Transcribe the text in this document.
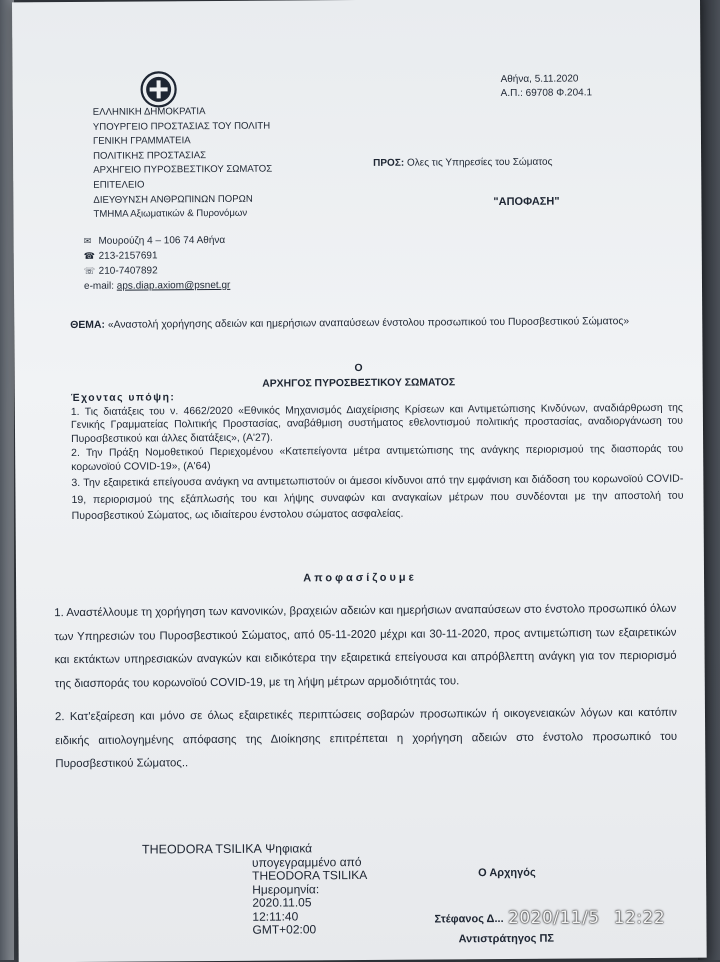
ΕΛΛΗΝΙΚΗ ΔΗΜΟΚΡΑΤΙΑ
ΥΠΟΥΡΓΕΙΟ ΠΡΟΣΤΑΣΙΑΣ ΤΟΥ ΠΟΛΙΤΗ
ΓΕΝΙΚΗ ΓΡΑΜΜΑΤΕΙΑ
ΠΟΛΙΤΙΚΗΣ ΠΡΟΣΤΑΣΙΑΣ
ΑΡΧΗΓΕΙΟ ΠΥΡΟΣΒΕΣΤΙΚΟΥ ΣΩΜΑΤΟΣ
ΕΠΙΤΕΛΕΙΟ
ΔΙΕΥΘΥΝΣΗ ΑΝΘΡΩΠΙΝΩΝ ΠΟΡΩΝ
ΤΜΗΜΑ Αξιωματικών & Πυρονόμων
✉ Μουρούζη 4 – 106 74 Αθήνα
☎ 213-2157691
☏ 210-7407892
e-mail: aps.diap.axiom@psnet.gr
Αθήνα, 5.11.2020
Α.Π.: 69708 Φ.204.1
ΠΡΟΣ: Ολες τις Υπηρεσίες του Σώματος
"ΑΠΟΦΑΣΗ"
ΘΕΜΑ: «Αναστολή χορήγησης αδειών και ημερήσιων αναπαύσεων ένστολου προσωπικού του Πυροσβεστικού Σώματος»
Ο
ΑΡΧΗΓΟΣ ΠΥΡΟΣΒΕΣΤΙΚΟΥ ΣΩΜΑΤΟΣ
Έχοντας υπόψη:

1. Τις διατάξεις του ν. 4662/2020 «Εθνικός Μηχανισμός Διαχείρισης Κρίσεων και Αντιμετώπισης Κινδύνων, αναδιάρθρωση της Γενικής Γραμματείας Πολιτικής Προστασίας, αναβάθμιση συστήματος εθελοντισμού πολιτικής προστασίας, αναδιοργάνωση του Πυροσβεστικού και άλλες διατάξεις», (Α'27).

2. Την Πράξη Νομοθετικού Περιεχομένου «Κατεπείγοντα μέτρα αντιμετώπισης της ανάγκης περιορισμού της διασποράς του κορωνοϊού COVID-19», (Α'64)

3. Την εξαιρετικά επείγουσα ανάγκη να αντιμετωπιστούν οι άμεσοι κίνδυνοι από την εμφάνιση και διάδοση του κορωνοϊού COVID-19, περιορισμού της εξάπλωσής του και λήψης συναφών και αναγκαίων μέτρων που συνδέονται με την αποστολή του Πυροσβεστικού Σώματος, ως ιδιαίτερου ένστολου σώματος ασφαλείας.

Αποφασίζουμε

1. Αναστέλλουμε τη χορήγηση των κανονικών, βραχειών αδειών και ημερήσιων αναπαύσεων στο ένστολο προσωπικό όλων των Υπηρεσιών του Πυροσβεστικού Σώματος, από 05-11-2020 μέχρι και 30-11-2020, προς αντιμετώπιση των εξαιρετικών και εκτάκτων υπηρεσιακών αναγκών και ειδικότερα την εξαιρετικά επείγουσα και απρόβλεπτη ανάγκη για τον περιορισμό της διασποράς του κορωνοϊού COVID-19, με τη λήψη μέτρων αρμοδιότητάς του.

2. Κατ'εξαίρεση και μόνο σε όλως εξαιρετικές περιπτώσεις σοβαρών προσωπικών ή οικογενειακών λόγων και κατόπιν ειδικής αιτιολογημένης απόφασης της Διοίκησης επιτρέπεται η χορήγηση αδειών στο ένστολο προσωπικό του Πυροσβεστικού Σώματος..

THEODORA TSILIKA Ψηφιακά
υπογεγραμμένο από
THEODORA TSILIKA
Ημερομηνία:
2020.11.05
12:11:40
GMT+02:00
Ο Αρχηγός
Στέφανος Δ...
Αντιστράτηγος ΠΣ
2020/11/5 12:22
